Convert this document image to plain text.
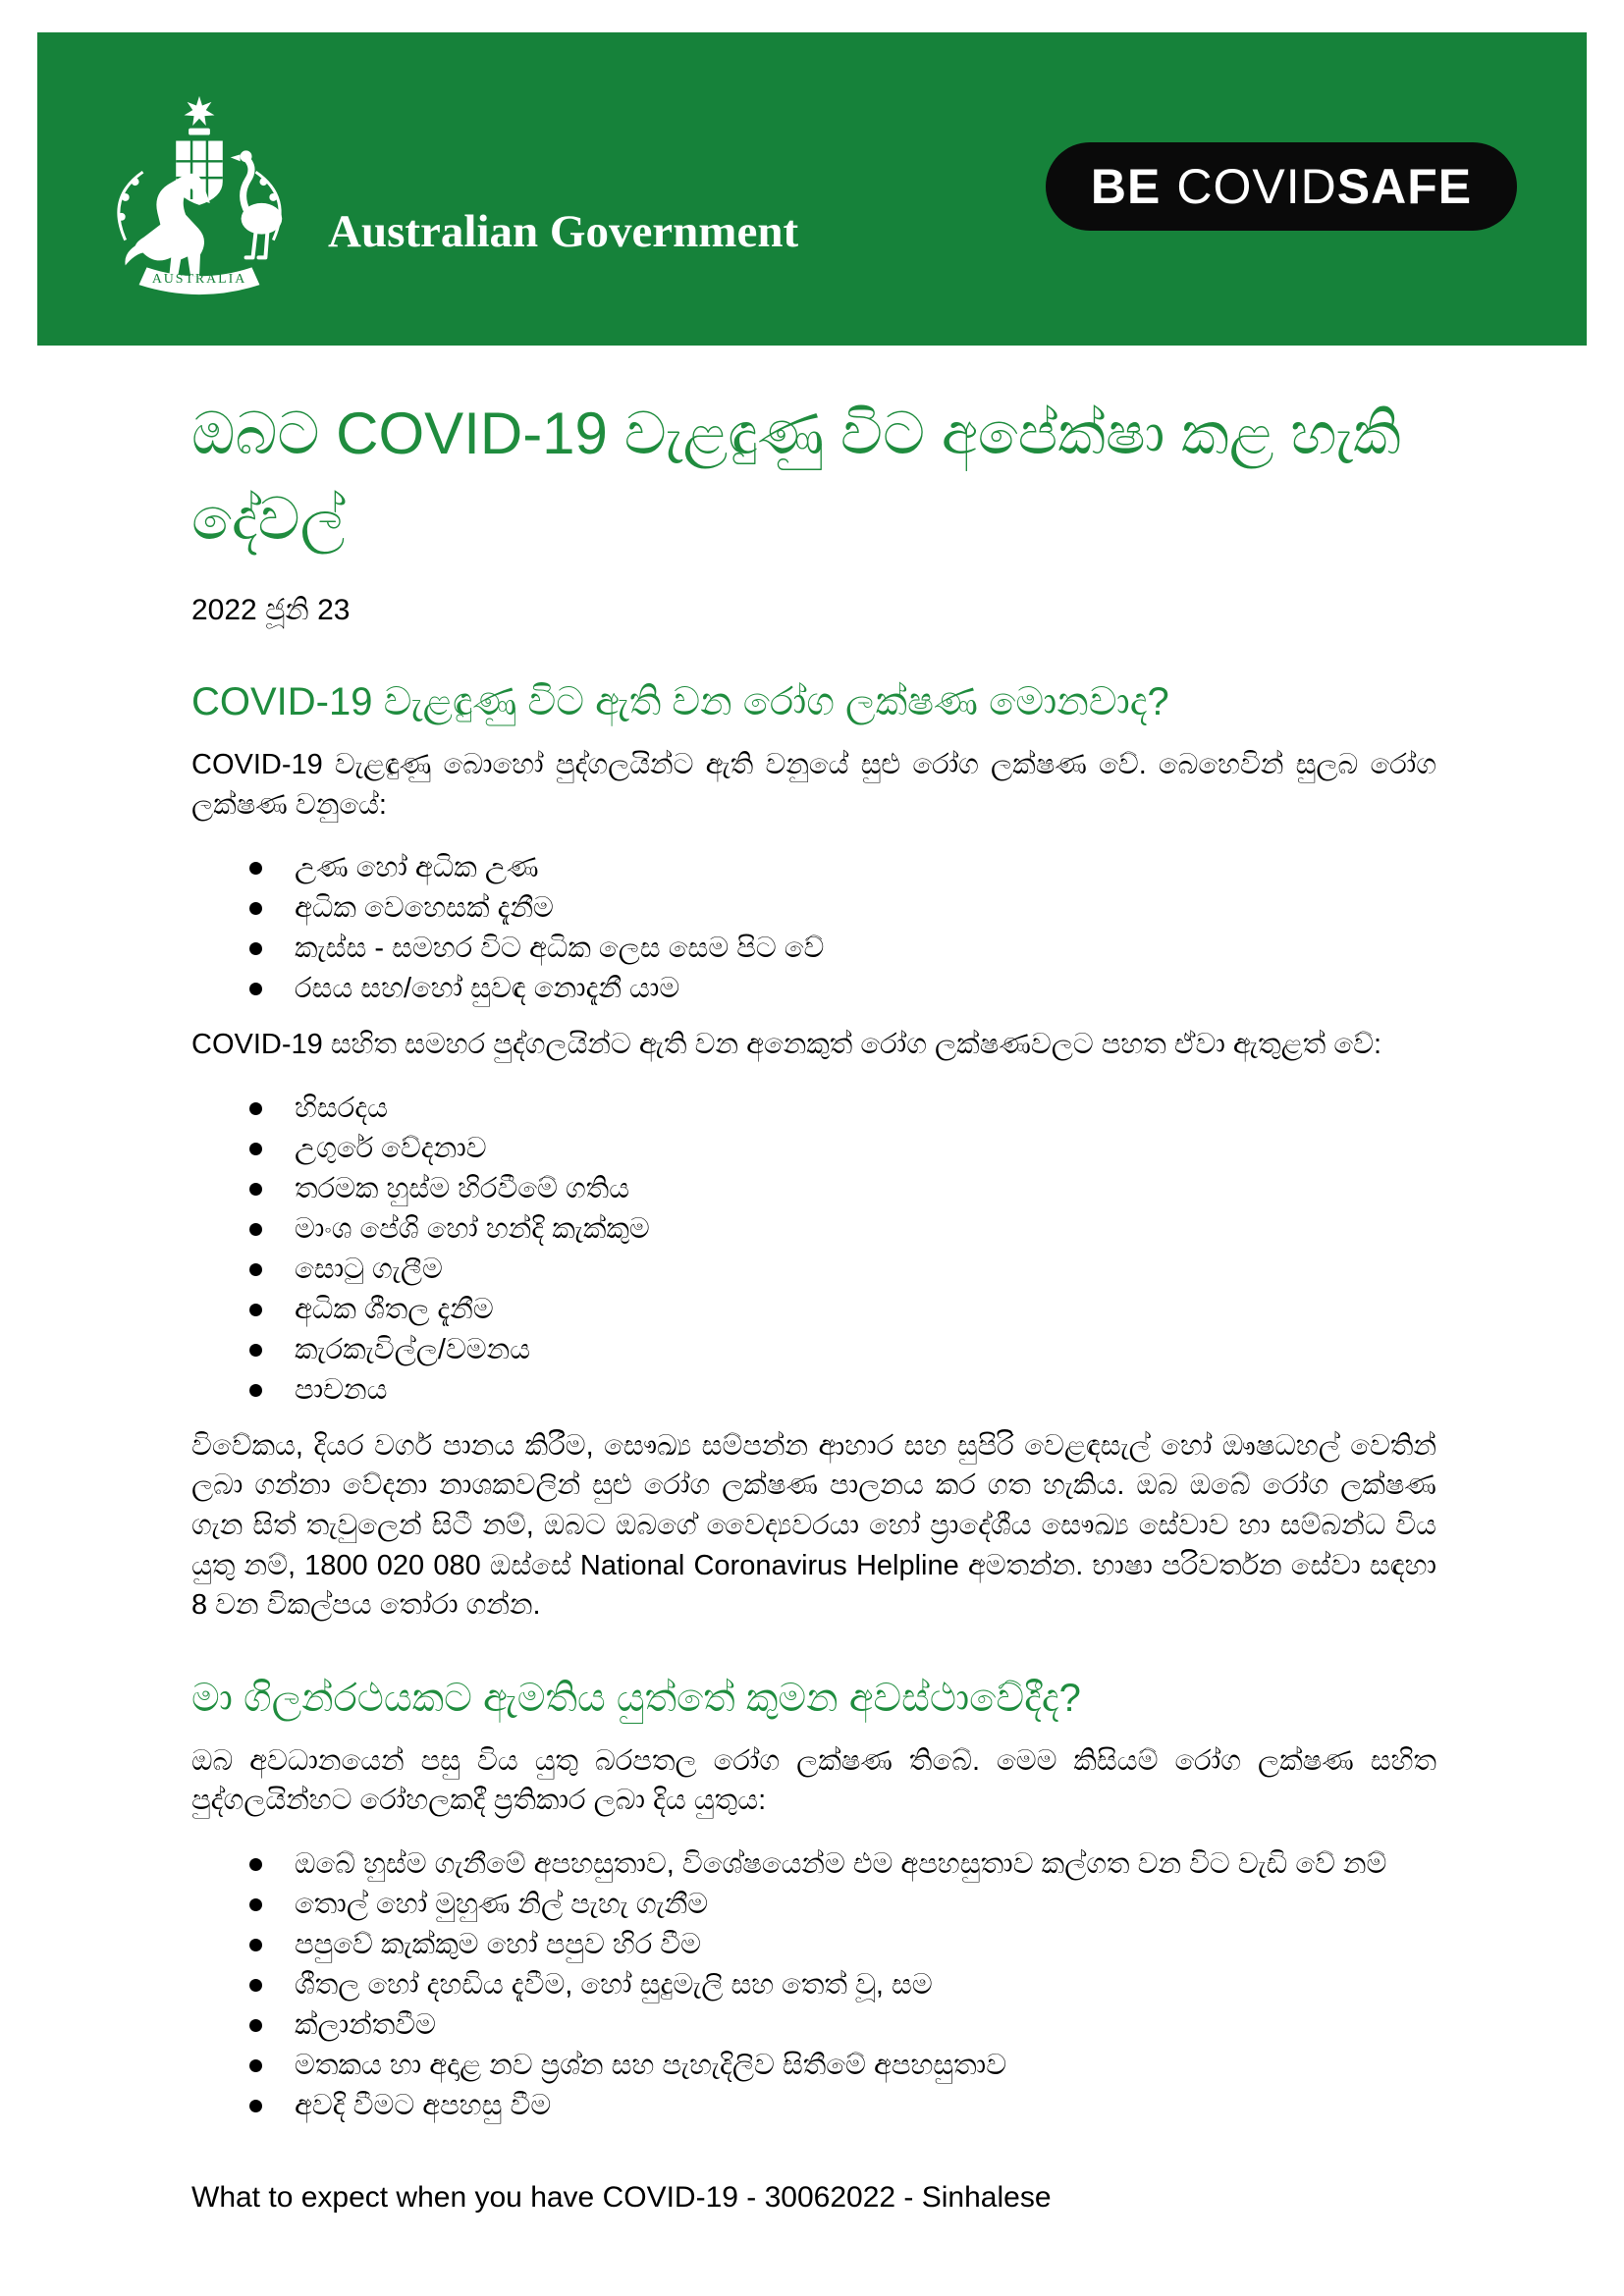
AUSTRALIA
Australian Government
BE COVID SAFE
ඔබට COVID-19 වැළඳුණු විට අපේක්ෂා කළ හැකි දේවල්
2022 ජූනි 23
COVID-19 වැළඳුණු විට ඇති වන රෝග ලක්ෂණ මොනවාද?

COVID-19 වැළඳුණු බොහෝ පුද්ගලයින්ට ඇති වනුයේ සුළු රෝග ලක්ෂණ වේ. බෙහෙවින් සුලබ රෝග ලක්ෂණ වනුයේ:

උණ හෝ අධික උණ
අධික වෙහෙසක් දැනීම
කැස්ස - සමහර විට අධික ලෙස සෙම පිට වේ
රසය සහ/හෝ සුවඳ නොදැනී යාම

COVID-19 සහිත සමහර පුද්ගලයින්ට ඇති වන අනෙකුත් රෝග ලක්ෂණවලට පහත ඒවා ඇතුළත් වේ:

හිසරදය
උගුරේ වේදනාව
තරමක හුස්ම හිරවීමේ ගතිය
මාංශ පේශි හෝ හන්දි කැක්කුම
සොටු ගැලීම
අධික ශීතල දැනීම
කැරකැවිල්ල/වමනය
පාචනය

විවේකය, දියර වර්ග පානය කිරීම, සෞඛ්‍ය සම්පන්න ආහාර සහ සුපිරි වෙළඳසැල් හෝ ඖෂධහල් වෙතින් ලබා ගන්නා වේදනා නාශකවලින් සුළු රෝග ලක්ෂණ පාලනය කර ගත හැකිය. ඔබ ඔබේ රෝග ලක්ෂණ ගැන සිත් තැවුලෙන් සිටී නම්, ඔබට ඔබගේ වෛද්‍යවරයා හෝ ප්‍රාදේශීය සෞඛ්‍ය සේවාව හා සම්බන්ධ විය යුතු නම්, 1800 020 080 ඔස්සේ National Coronavirus Helpline අමතන්න. භාෂා පරිවර්තන සේවා සඳහා 8 වන විකල්පය තෝරා ගන්න.

මා ගිලන්රථයකට ඇමතිය යුත්තේ කුමන අවස්ථාවේදීද?

ඔබ අවධානයෙන් පසු විය යුතු බරපතල රෝග ලක්ෂණ තිබේ. මෙම කිසියම් රෝග ලක්ෂණ සහිත පුද්ගලයින්හට රෝහලකදී ප්‍රතිකාර ලබා දිය යුතුය:

ඔබේ හුස්ම ගැනීමේ අපහසුතාව, විශේෂයෙන්ම එම අපහසුතාව කල්ගත වන විට වැඩි වේ නම්
තොල් හෝ මුහුණ නිල් පැහැ ගැනීම
පපුවේ කැක්කුම හෝ පපුව හිර වීම
ශීතල හෝ දහඩිය දැවීම, හෝ සුදුමැලි සහ තෙත් වූ, සම
ක්ලාන්තවීම
මතකය හා අදාළ නව ප්‍රශ්න සහ පැහැදිලිව සිතීමේ අපහසුතාව
අවදි වීමට අපහසු වීම
What to expect when you have COVID-19 - 30062022 - Sinhalese
